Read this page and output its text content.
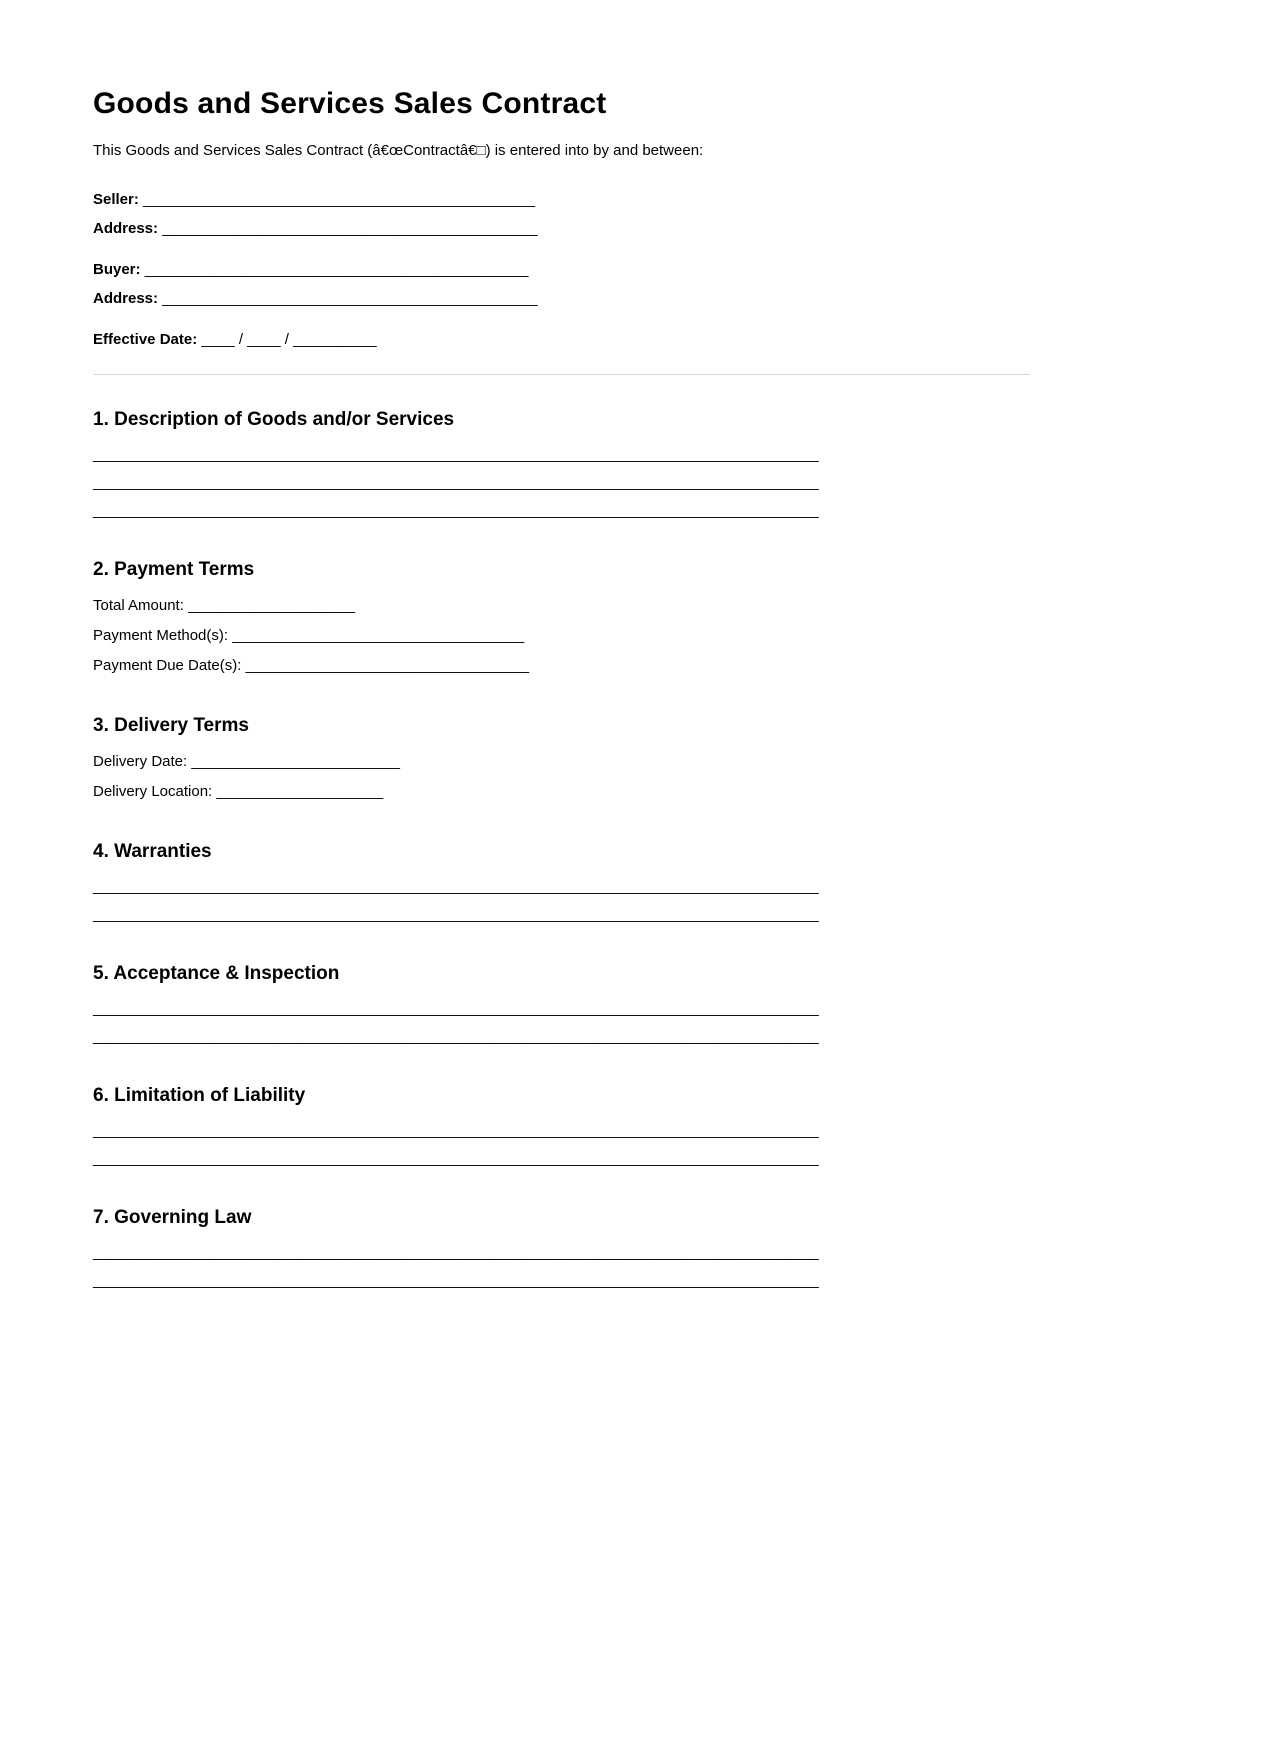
Goods and Services Sales Contract

This Goods and Services Sales Contract (â€œContractâ€□) is entered into by and between:

Seller: _______________________________________________
Address: _____________________________________________
Buyer: ______________________________________________
Address: _____________________________________________
Effective Date: ____ / ____ / __________
1. Description of Goods and/or Services
_______________________________________________________________________________________
_______________________________________________________________________________________
_______________________________________________________________________________________
2. Payment Terms
Total Amount: ____________________
Payment Method(s): ___________________________________
Payment Due Date(s): __________________________________
3. Delivery Terms
Delivery Date: _________________________
Delivery Location: ____________________
4. Warranties
_______________________________________________________________________________________
_______________________________________________________________________________________
5. Acceptance & Inspection
_______________________________________________________________________________________
_______________________________________________________________________________________
6. Limitation of Liability
_______________________________________________________________________________________
_______________________________________________________________________________________
7. Governing Law
_______________________________________________________________________________________
_______________________________________________________________________________________
